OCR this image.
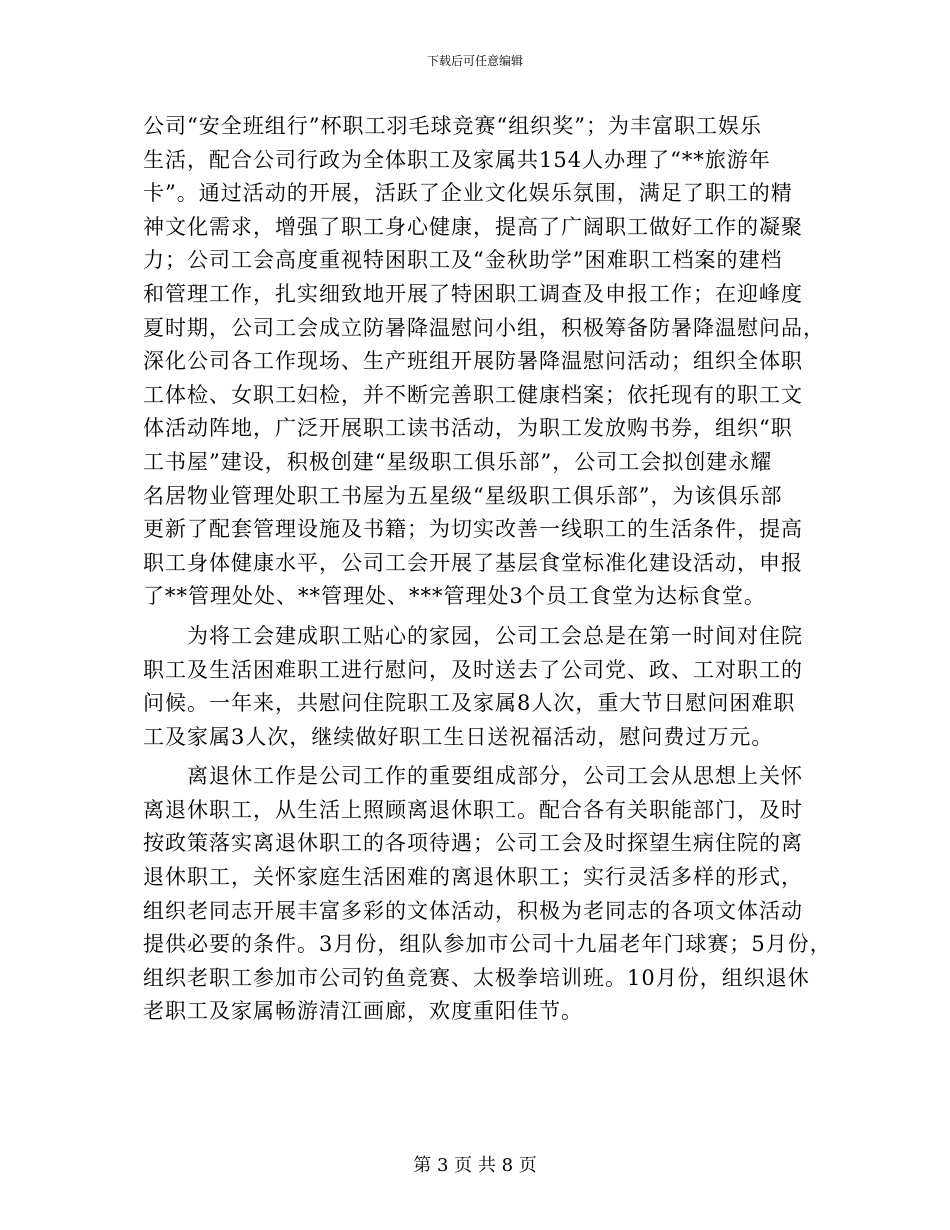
下载后可任意编辑

公司“安全班组行”杯职工羽毛球竞赛“组织奖”；为丰富职工娱乐
生活，配合公司行政为全体职工及家属共154人办理了“**旅游年
卡”。通过活动的开展，活跃了企业文化娱乐氛围，满足了职工的精
神文化需求，增强了职工身心健康，提高了广阔职工做好工作的凝聚
力；公司工会高度重视特困职工及“金秋助学”困难职工档案的建档
和管理工作，扎实细致地开展了特困职工调查及申报工作；在迎峰度
夏时期，公司工会成立防暑降温慰问小组，积极筹备防暑降温慰问品，
深化公司各工作现场、生产班组开展防暑降温慰问活动；组织全体职
工体检、女职工妇检，并不断完善职工健康档案；依托现有的职工文
体活动阵地，广泛开展职工读书活动，为职工发放购书券，组织“职
工书屋”建设，积极创建“星级职工俱乐部”，公司工会拟创建永耀
名居物业管理处职工书屋为五星级“星级职工俱乐部”，为该俱乐部
更新了配套管理设施及书籍；为切实改善一线职工的生活条件，提高
职工身体健康水平，公司工会开展了基层食堂标准化建设活动，申报
了**管理处处、**管理处、***管理处3个员工食堂为达标食堂。

为将工会建成职工贴心的家园，公司工会总是在第一时间对住院
职工及生活困难职工进行慰问，及时送去了公司党、政、工对职工的
问候。一年来，共慰问住院职工及家属8人次，重大节日慰问困难职
工及家属3人次，继续做好职工生日送祝福活动，慰问费过万元。

离退休工作是公司工作的重要组成部分，公司工会从思想上关怀
离退休职工，从生活上照顾离退休职工。配合各有关职能部门，及时
按政策落实离退休职工的各项待遇；公司工会及时探望生病住院的离
退休职工，关怀家庭生活困难的离退休职工；实行灵活多样的形式，
组织老同志开展丰富多彩的文体活动，积极为老同志的各项文体活动
提供必要的条件。3月份，组队参加市公司十九届老年门球赛；5月份，
组织老职工参加市公司钓鱼竞赛、太极拳培训班。10月份，组织退休
老职工及家属畅游清江画廊，欢度重阳佳节。

第 3 页 共 8 页
